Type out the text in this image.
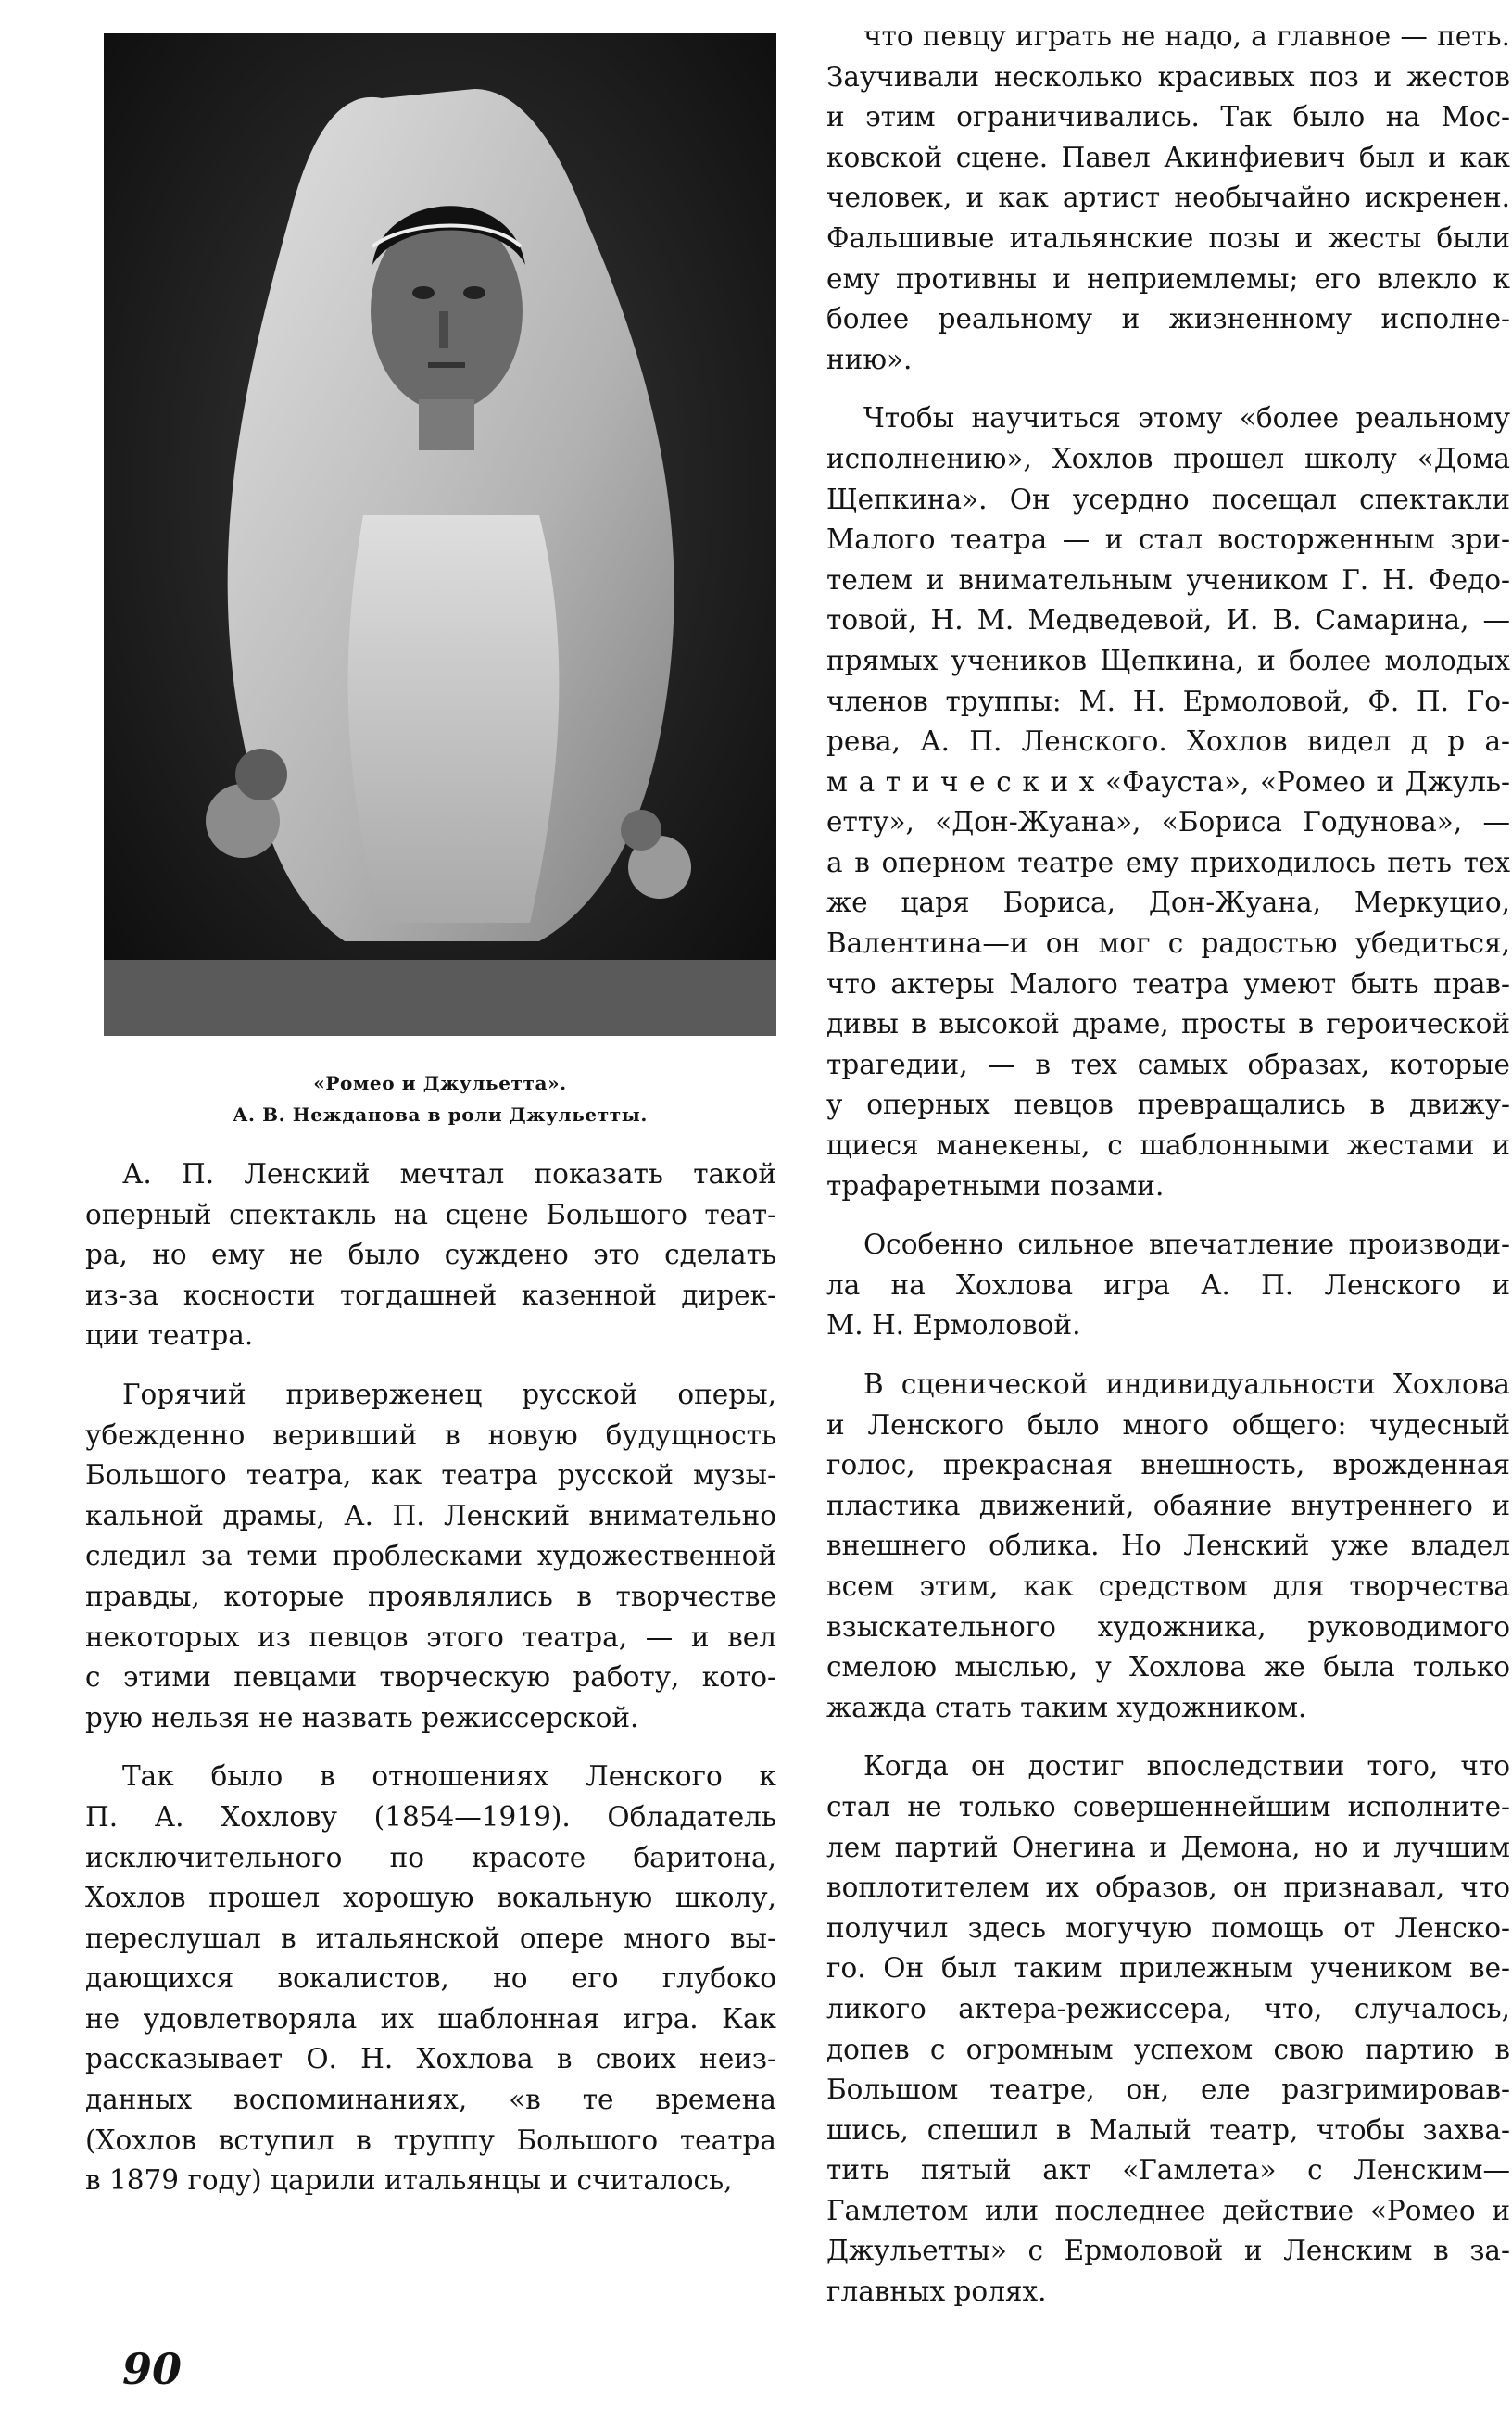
«Ромео и Джульетта».
А. В. Нежданова в роли Джульетты.
А. П. Ленский мечтал показать такой
оперный спектакль на сцене Большого теат-
ра, но ему не было суждено это сделать
из-за косности тогдашней казенной дирек-
ции театра.
Горячий приверженец русской оперы,
убежденно веривший в новую будущность
Большого театра, как театра русской музы-
кальной драмы, А. П. Ленский внимательно
следил за теми проблесками художественной
правды, которые проявлялись в творчестве
некоторых из певцов этого театра, — и вел
с этими певцами творческую работу, кото-
рую нельзя не назвать режиссерской.
Так было в отношениях Ленского к
П. А. Хохлову (1854—1919). Обладатель
исключительного по красоте баритона,
Хохлов прошел хорошую вокальную школу,
переслушал в итальянской опере много вы-
дающихся вокалистов, но его глубоко
не удовлетворяла их шаблонная игра. Как
рассказывает О. Н. Хохлова в своих неиз-
данных воспоминаниях, «в те времена
(Хохлов вступил в труппу Большого театра
в 1879 году) царили итальянцы и считалось,
что певцу играть не надо, а главное — петь.
Заучивали несколько красивых поз и жестов
и этим ограничивались. Так было на Мос-
ковской сцене. Павел Акинфиевич был и как
человек, и как артист необычайно искренен.
Фальшивые итальянские позы и жесты были
ему противны и неприемлемы; его влекло к
более реальному и жизненному исполне-
нию».
Чтобы научиться этому «более реальному
исполнению», Хохлов прошел школу «Дома
Щепкина». Он усердно посещал спектакли
Малого театра — и стал восторженным зри-
телем и внимательным учеником Г. Н. Федо-
товой, Н. М. Медведевой, И. В. Самарина, —
прямых учеников Щепкина, и более молодых
членов труппы: М. Н. Ермоловой, Ф. П. Го-
рева, А. П. Ленского. Хохлов видел д р а-
м а т и ч е с к и х «Фауста», «Ромео и Джуль-
етту», «Дон-Жуана», «Бориса Годунова», —
а в оперном театре ему приходилось петь тех
же царя Бориса, Дон-Жуана, Меркуцио,
Валентина—и он мог с радостью убедиться,
что актеры Малого театра умеют быть прав-
дивы в высокой драме, просты в героической
трагедии, — в тех самых образах, которые
у оперных певцов превращались в движу-
щиеся манекены, с шаблонными жестами и
трафаретными позами.
Особенно сильное впечатление производи-
ла на Хохлова игра А. П. Ленского и
М. Н. Ермоловой.
В сценической индивидуальности Хохлова
и Ленского было много общего: чудесный
голос, прекрасная внешность, врожденная
пластика движений, обаяние внутреннего и
внешнего облика. Но Ленский уже владел
всем этим, как средством для творчества
взыскательного художника, руководимого
смелою мыслью, у Хохлова же была только
жажда стать таким художником.
Когда он достиг впоследствии того, что
стал не только совершеннейшим исполните-
лем партий Онегина и Демона, но и лучшим
воплотителем их образов, он признавал, что
получил здесь могучую помощь от Ленско-
го. Он был таким прилежным учеником ве-
ликого актера-режиссера, что, случалось,
допев с огромным успехом свою партию в
Большом театре, он, еле разгримировав-
шись, спешил в Малый театр, чтобы захва-
тить пятый акт «Гамлета» с Ленским—
Гамлетом или последнее действие «Ромео и
Джульетты» с Ермоловой и Ленским в за-
главных ролях.
90
